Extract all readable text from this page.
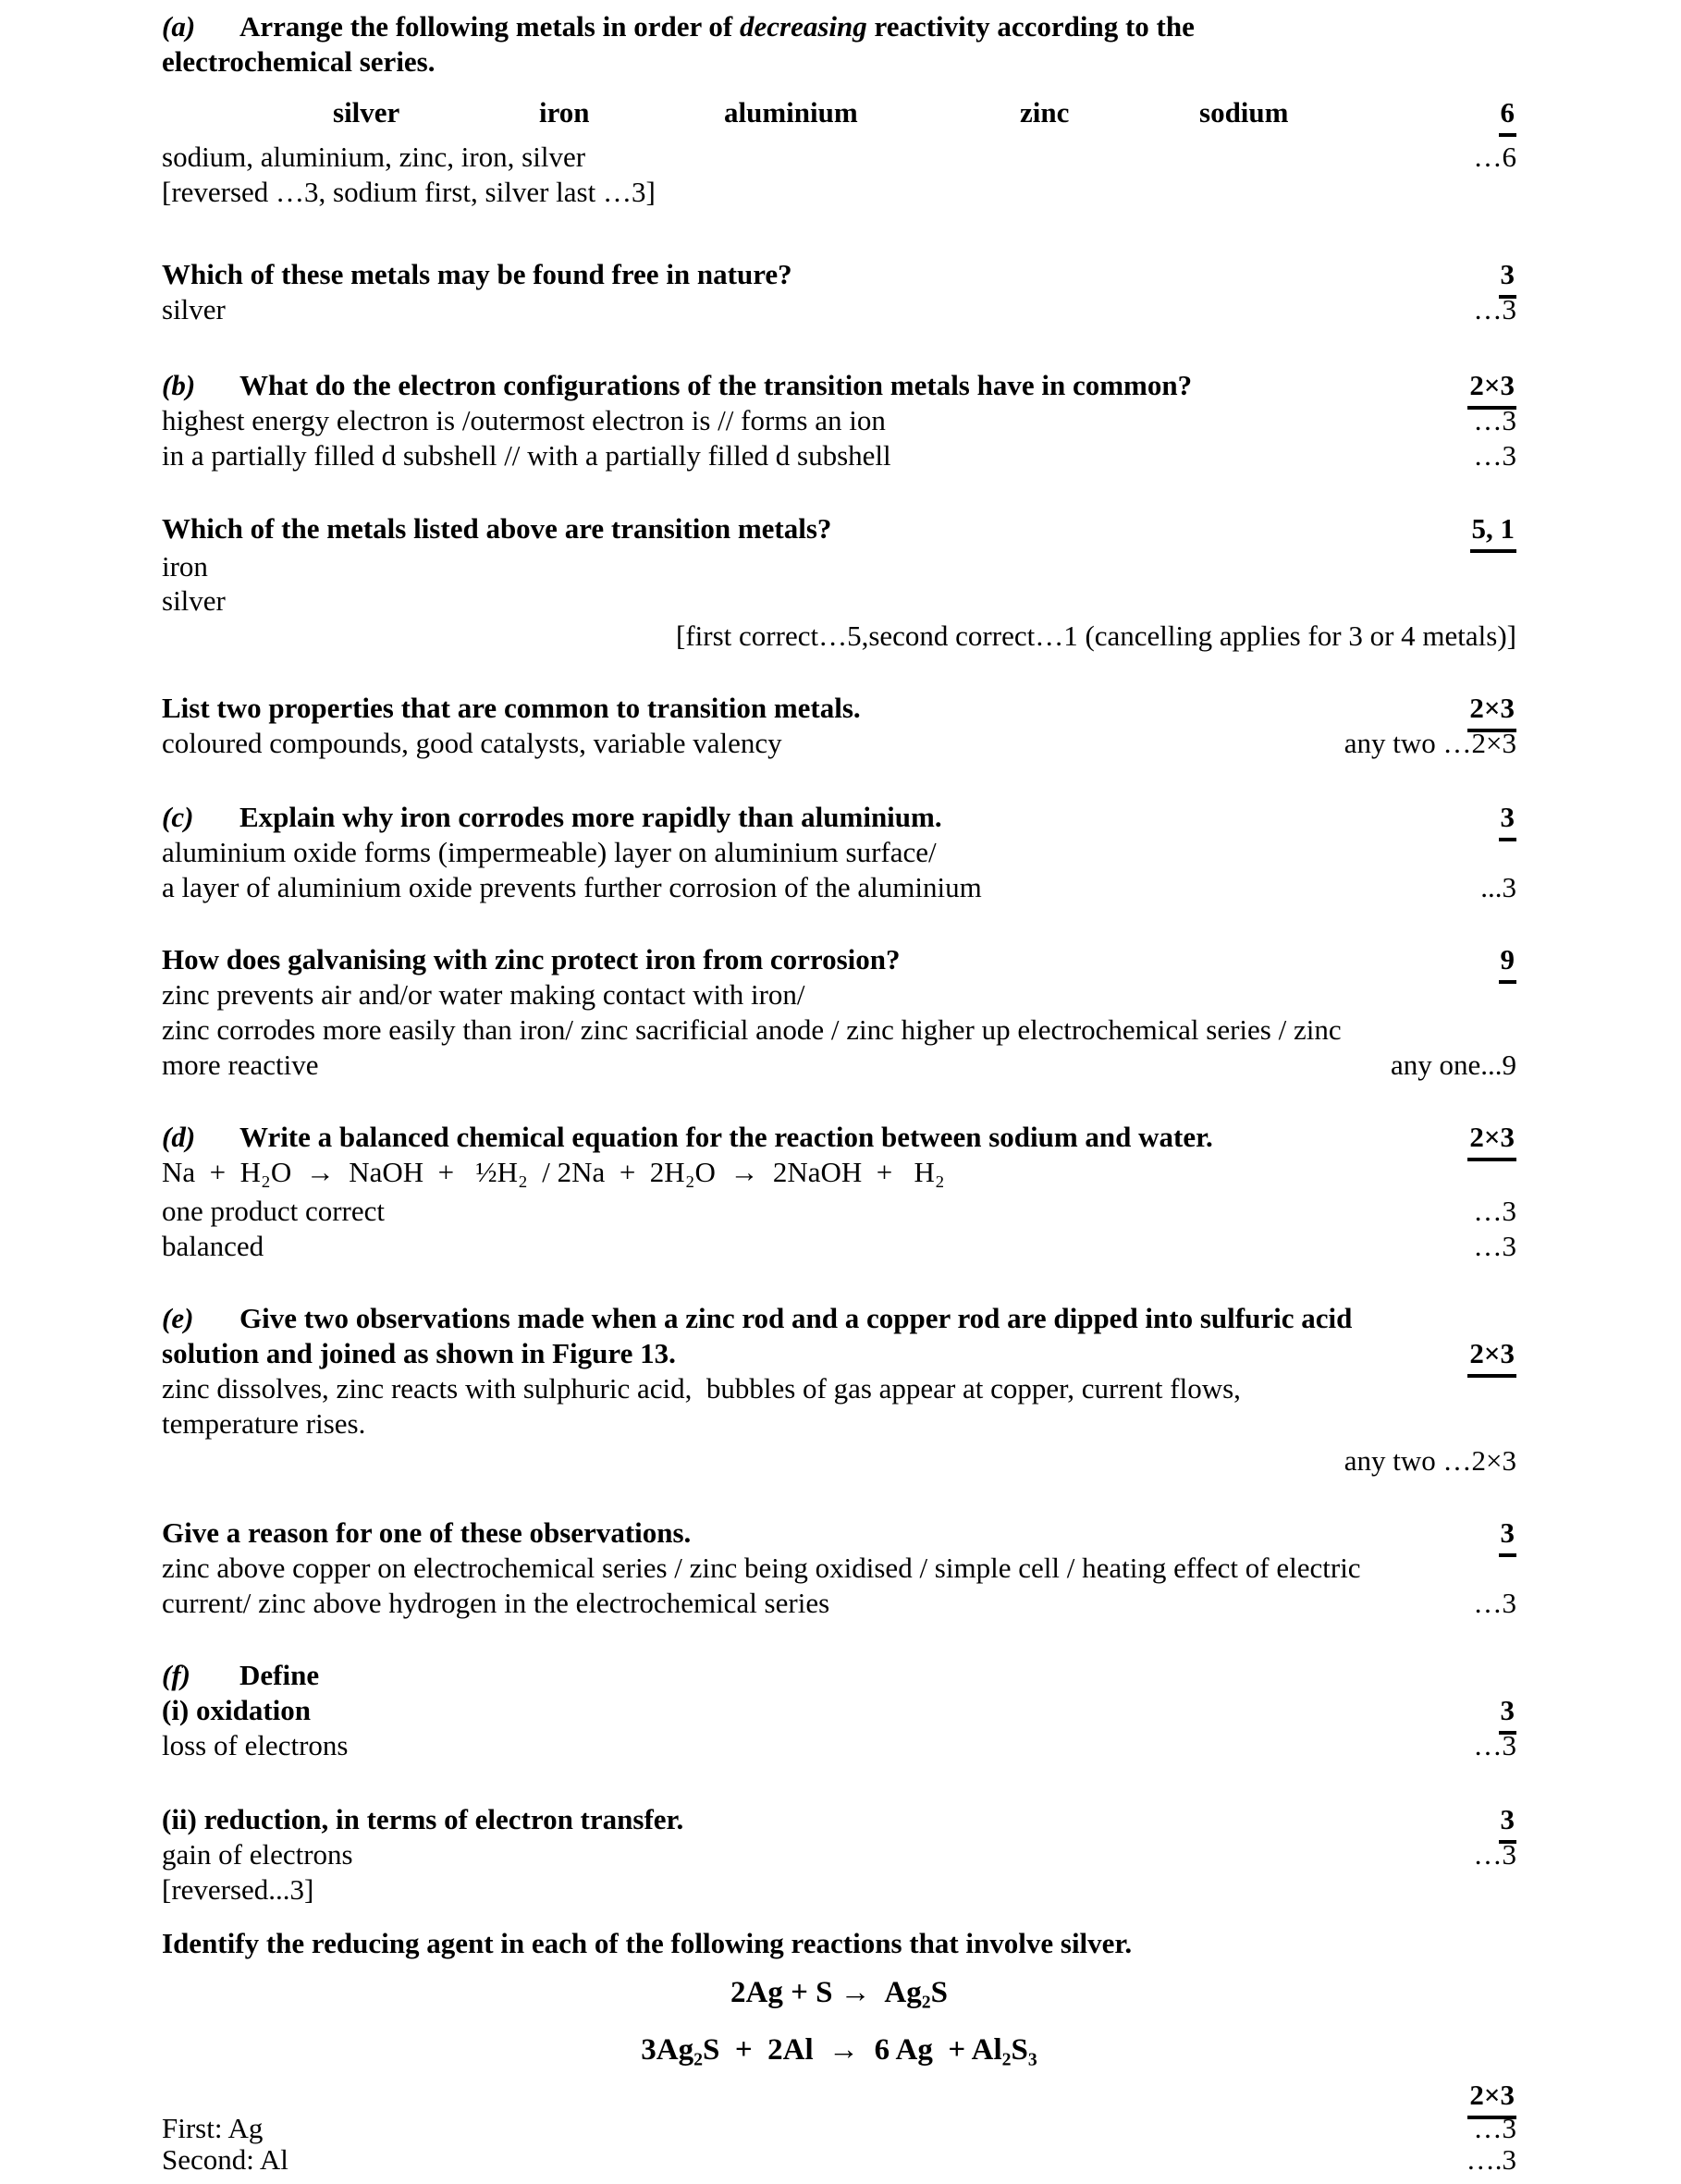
(a) Arrange the following metals in order of decreasing reactivity according to the
electrochemical series.
silver	iron	aluminium	zinc	sodium	6
sodium, aluminium, zinc, iron, silver	…6
[reversed …3, sodium first, silver last …3]
Which of these metals may be found free in nature?	3
silver	…3
(b) What do the electron configurations of the transition metals have in common?	2×3
highest energy electron is /outermost electron is // forms an ion	…3
in a partially filled d subshell // with a partially filled d subshell	…3
Which of the metals listed above are transition metals?	5, 1
iron
silver
[first correct…5,second correct…1 (cancelling applies for 3 or 4 metals)]
List two properties that are common to transition metals.	2×3
coloured compounds, good catalysts, variable valency	any two …2×3
(c) Explain why iron corrodes more rapidly than aluminium.	3
aluminium oxide forms (impermeable) layer on aluminium surface/
a layer of aluminium oxide prevents further corrosion of the aluminium	...3
How does galvanising with zinc protect iron from corrosion?	9
zinc prevents air and/or water making contact with iron/
zinc corrodes more easily than iron/ zinc sacrificial anode / zinc higher up electrochemical series / zinc
more reactive	any one...9
(d) Write a balanced chemical equation for the reaction between sodium and water.	2×3
Na  +  H₂O  →  NaOH  +   ½H₂  / 2Na  +  2H₂O  →  2NaOH  +   H₂
one product correct	…3
balanced	…3
(e) Give two observations made when a zinc rod and a copper rod are dipped into sulfuric acid
solution and joined as shown in Figure 13.	2×3
zinc dissolves, zinc reacts with sulphuric acid,  bubbles of gas appear at copper, current flows,
temperature rises.
any two …2×3
Give a reason for one of these observations.	3
zinc above copper on electrochemical series / zinc being oxidised / simple cell / heating effect of electric
current/ zinc above hydrogen in the electrochemical series	…3
(f) Define
(i) oxidation	3
loss of electrons	…3
(ii) reduction, in terms of electron transfer.	3
gain of electrons	…3
[reversed...3]
Identify the reducing agent in each of the following reactions that involve silver.
2Ag + S →  Ag₂S
3Ag₂S  +  2Al  →  6 Ag  + Al₂S₃
2×3
First: Ag	…3
Second: Al	….3
